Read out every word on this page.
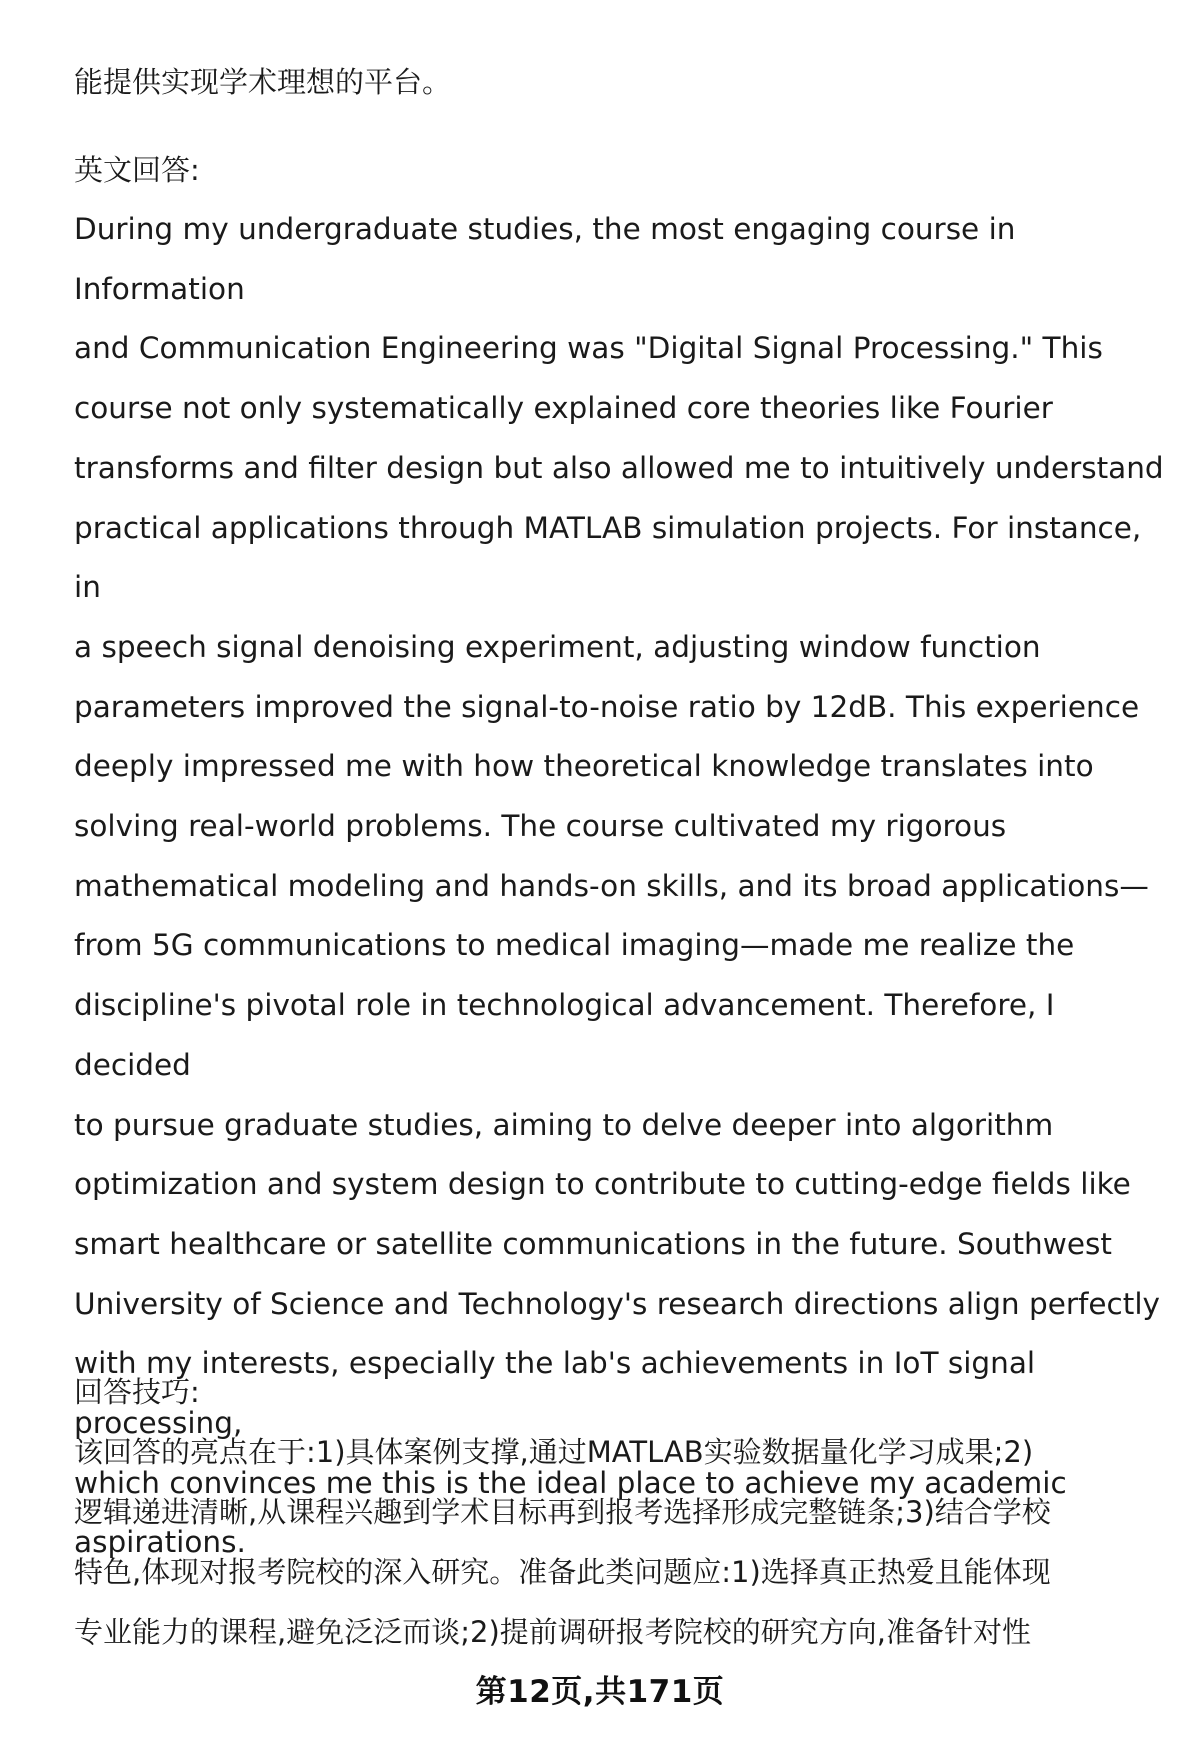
能提供实现学术理想的平台。

英文回答:

During my undergraduate studies, the most engaging course in Information
and Communication Engineering was "Digital Signal Processing." This
course not only systematically explained core theories like Fourier
transforms and filter design but also allowed me to intuitively understand
practical applications through MATLAB simulation projects. For instance, in
a speech signal denoising experiment, adjusting window function
parameters improved the signal-to-noise ratio by 12dB. This experience
deeply impressed me with how theoretical knowledge translates into
solving real-world problems. The course cultivated my rigorous
mathematical modeling and hands-on skills, and its broad applications—
from 5G communications to medical imaging—made me realize the
discipline's pivotal role in technological advancement. Therefore, I decided
to pursue graduate studies, aiming to delve deeper into algorithm
optimization and system design to contribute to cutting-edge fields like
smart healthcare or satellite communications in the future. Southwest
University of Science and Technology's research directions align perfectly
with my interests, especially the lab's achievements in IoT signal processing,
which convinces me this is the ideal place to achieve my academic
aspirations.

回答技巧:

该回答的亮点在于:1)具体案例支撑,通过MATLAB实验数据量化学习成果;2)

逻辑递进清晰,从课程兴趣到学术目标再到报考选择形成完整链条;3)结合学校

特色,体现对报考院校的深入研究。准备此类问题应:1)选择真正热爱且能体现

专业能力的课程,避免泛泛而谈;2)提前调研报考院校的研究方向,准备针对性

第12页,共171页
